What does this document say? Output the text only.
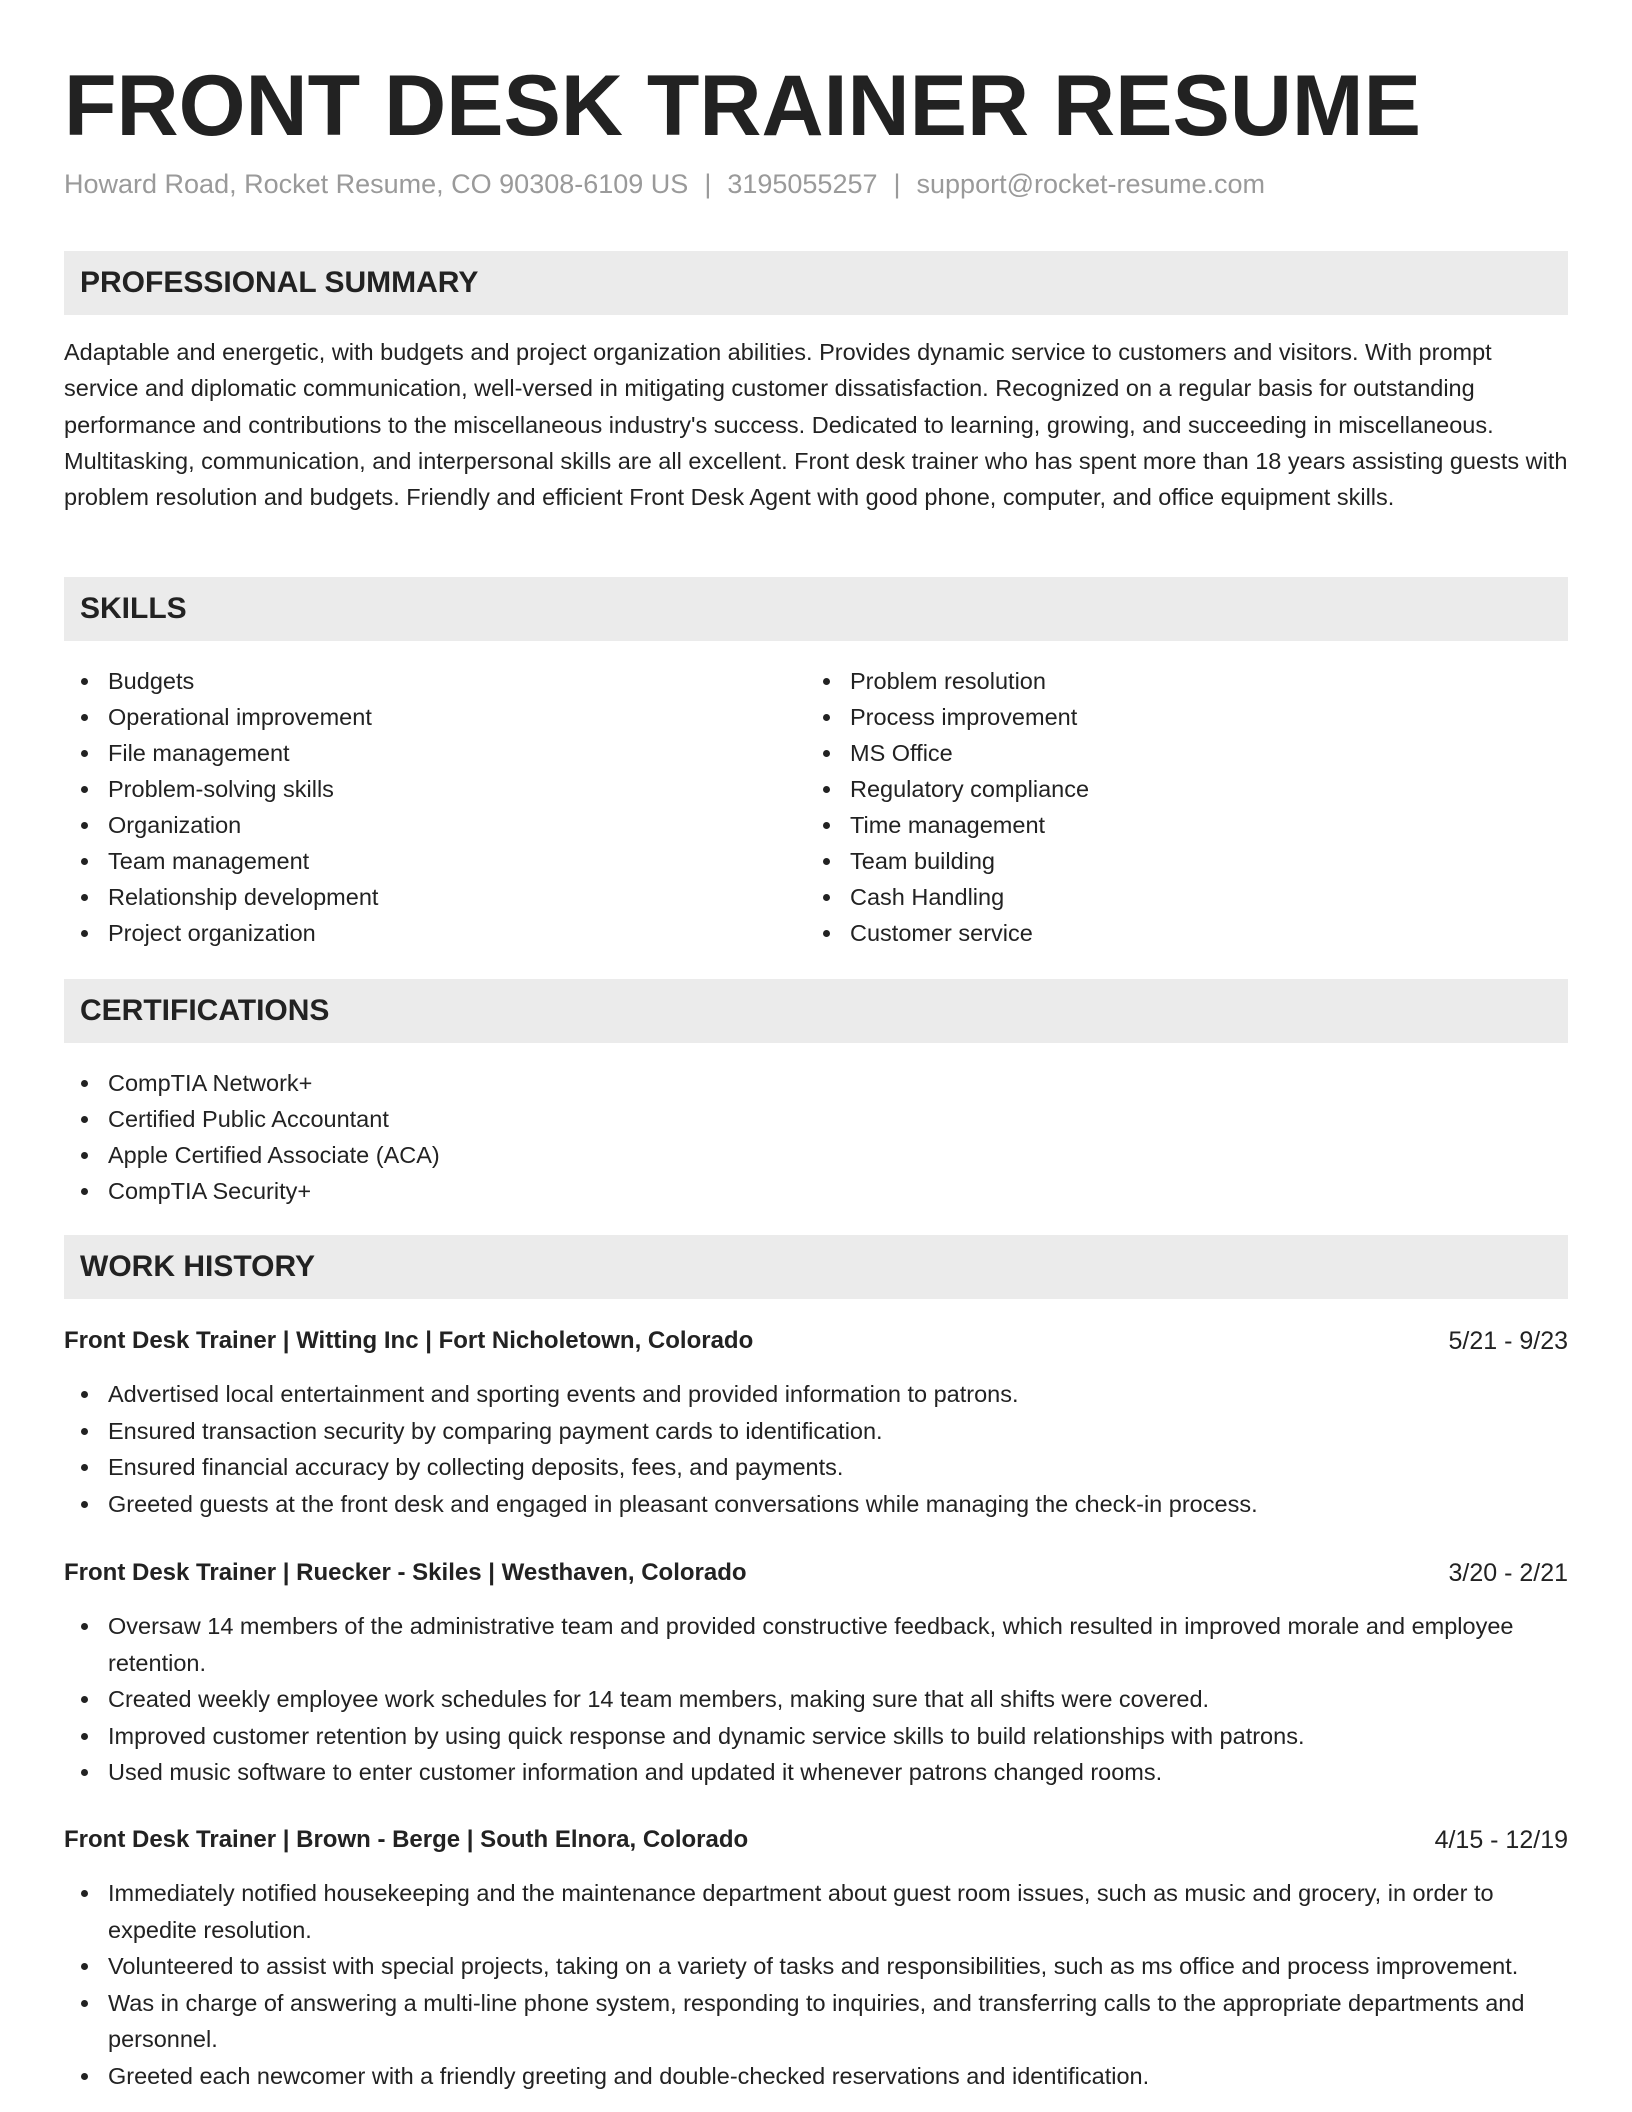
FRONT DESK TRAINER RESUME
Howard Road, Rocket Resume, CO 90308-6109 US | 3195055257 | support@rocket-resume.com
PROFESSIONAL SUMMARY

Adaptable and energetic, with budgets and project organization abilities. Provides dynamic service to customers and visitors. With prompt service and diplomatic communication, well-versed in mitigating customer dissatisfaction. Recognized on a regular basis for outstanding performance and contributions to the miscellaneous industry's success. Dedicated to learning, growing, and succeeding in miscellaneous. Multitasking, communication, and interpersonal skills are all excellent. Front desk trainer who has spent more than 18 years assisting guests with problem resolution and budgets. Friendly and efficient Front Desk Agent with good phone, computer, and office equipment skills.

SKILLS
Budgets
Operational improvement
File management
Problem-solving skills
Organization
Team management
Relationship development
Project organization
Problem resolution
Process improvement
MS Office
Regulatory compliance
Time management
Team building
Cash Handling
Customer service
CERTIFICATIONS
CompTIA Network+
Certified Public Accountant
Apple Certified Associate (ACA)
CompTIA Security+
WORK HISTORY
Front Desk Trainer | Witting Inc | Fort Nicholetown, Colorado	5/21 - 9/23
Advertised local entertainment and sporting events and provided information to patrons.
Ensured transaction security by comparing payment cards to identification.
Ensured financial accuracy by collecting deposits, fees, and payments.
Greeted guests at the front desk and engaged in pleasant conversations while managing the check-in process.
Front Desk Trainer | Ruecker - Skiles | Westhaven, Colorado	3/20 - 2/21
Oversaw 14 members of the administrative team and provided constructive feedback, which resulted in improved morale and employee retention.
Created weekly employee work schedules for 14 team members, making sure that all shifts were covered.
Improved customer retention by using quick response and dynamic service skills to build relationships with patrons.
Used music software to enter customer information and updated it whenever patrons changed rooms.
Front Desk Trainer | Brown - Berge | South Elnora, Colorado	4/15 - 12/19
Immediately notified housekeeping and the maintenance department about guest room issues, such as music and grocery, in order to expedite resolution.
Volunteered to assist with special projects, taking on a variety of tasks and responsibilities, such as ms office and process improvement.
Was in charge of answering a multi-line phone system, responding to inquiries, and transferring calls to the appropriate departments and personnel.
Greeted each newcomer with a friendly greeting and double-checked reservations and identification.
